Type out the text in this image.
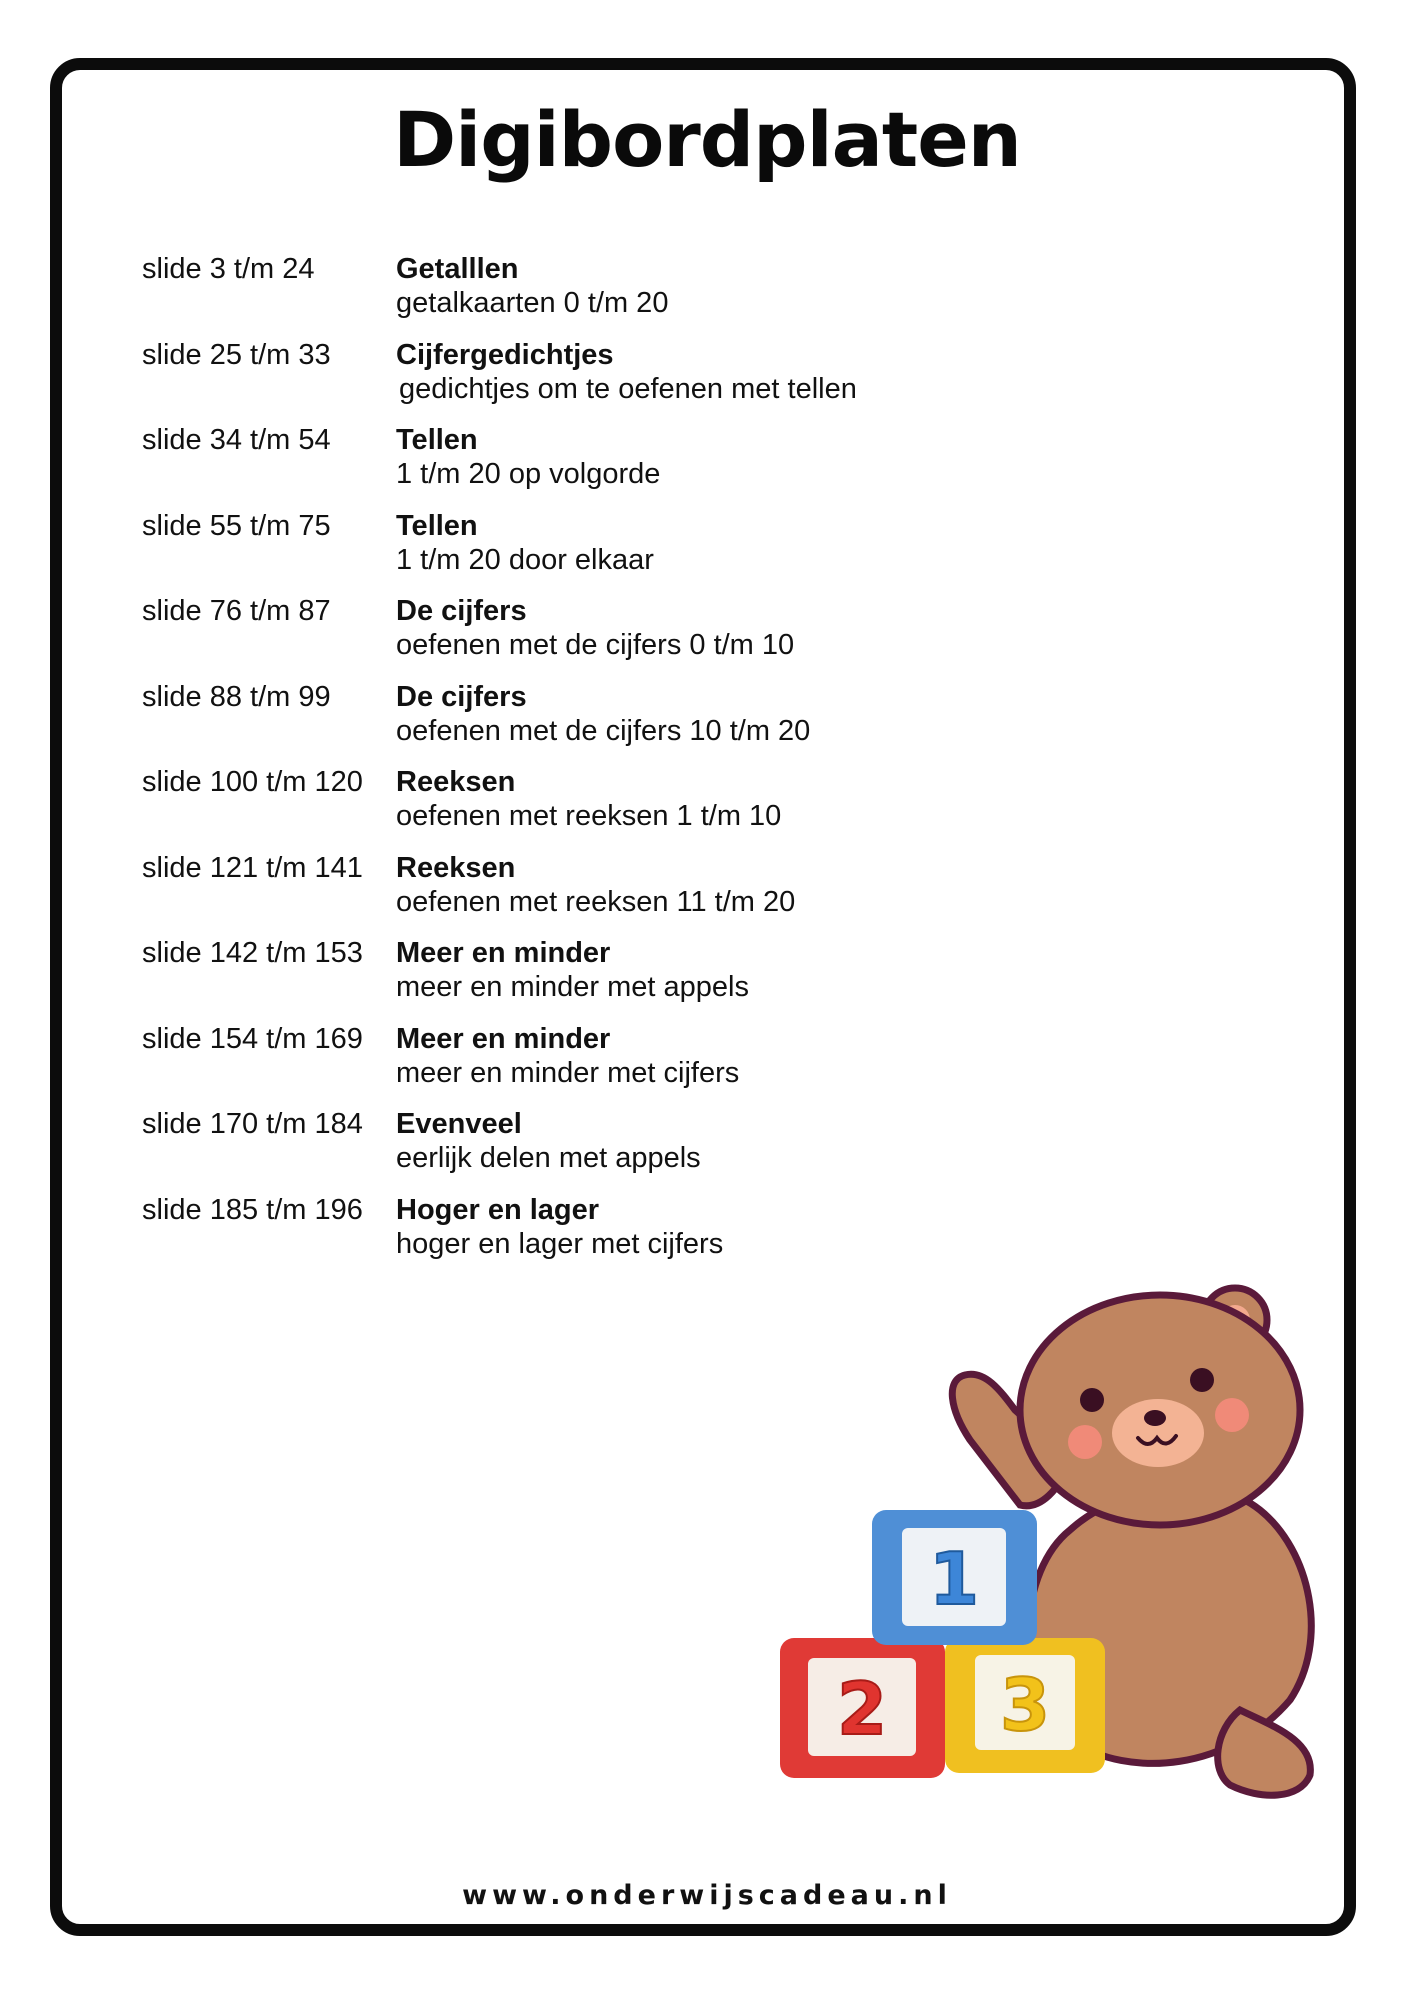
Digibordplaten
slide 3 t/m 24	Getalllen
getalkaarten 0 t/m 20
slide 25 t/m 33 Cijfergedichtjes
gedichtjes om te oefenen met tellen
slide 34 t/m 54 Tellen
1 t/m 20 op volgorde
slide 55 t/m 75 Tellen
1 t/m 20 door elkaar
slide 76 t/m 87 De cijfers
oefenen met de cijfers 0 t/m 10
slide 88 t/m 99 De cijfers
oefenen met de cijfers 10 t/m 20
slide 100 t/m 120 Reeksen
oefenen met reeksen 1 t/m 10
slide 121 t/m 141 Reeksen
oefenen met reeksen 11 t/m 20
slide 142 t/m 153 Meer en minder
meer en minder met appels
slide 154 t/m 169 Meer en minder
meer en minder met cijfers
slide 170 t/m 184 Evenveel
eerlijk delen met appels
slide 185 t/m 196 Hoger en lager
hoger en lager met cijfers
3
2
1
www.onderwijscadeau.nl
